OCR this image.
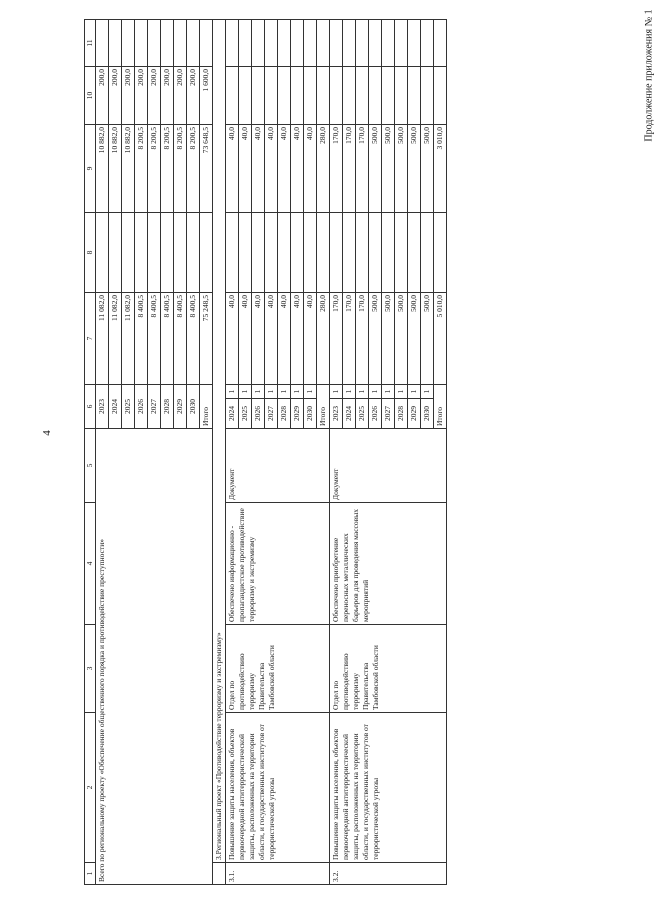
4
Продолжение приложения № 1
1	2	3	4	5	6		7	8	9	10	11
Всего по региональному проекту «Обеспечение общественного порядка и противодействие преступности»					2023		11 082,0		10 882,0	200,0	
					2024		11 082,0		10 882,0	200,0	
					2025		11 082,0		10 882,0	200,0	
					2026		8 400,5		8 200,5	200,0	
					2027		8 400,5		8 200,5	200,0	
					2028		8 400,5		8 200,5	200,0	
					2029		8 400,5		8 200,5	200,0	
					2030		8 400,5		8 200,5	200,0	
					Итого		75 248,5		73 648,5	1 600,0	
	3.Региональный проект «Противодействие терроризму и экстремизму»										
3.1.	Повышение защиты населения, объектов первоочередной антитеррористической защиты, расположенных на территории области, и государственных институтов от террористической угрозы	Отдел по противодействию терроризму Правительства Тамбовской области	Обеспечено информационно - пропагандистское противодействие терроризму и экстремизму	Документ	2024	1	40,0		40,0		
					2025	1	40,0		40,0		
					2026	1	40,0		40,0		
					2027	1	40,0		40,0		
					2028	1	40,0		40,0		
					2029	1	40,0		40,0		
					2030	1	40,0		40,0		
					Итого		280,0		280,0		
3.2.	Повышение защиты населения, объектов первоочередной антитеррористической защиты, расположенных на территории области, и государственных институтов от террористической угрозы	Отдел по противодействию терроризму Правительства Тамбовской области	Обеспечено приобретение переносных металлических барьеров для проведения массовых мероприятий	Документ	2023	1	170,0		170,0		
					2024	1	170,0		170,0		
					2025	1	170,0		170,0		
					2026	1	500,0		500,0		
					2027	1	500,0		500,0		
					2028	1	500,0		500,0		
					2029	1	500,0		500,0		
					2030	1	500,0		500,0		
					Итого		5 010,0		3 010,0		
